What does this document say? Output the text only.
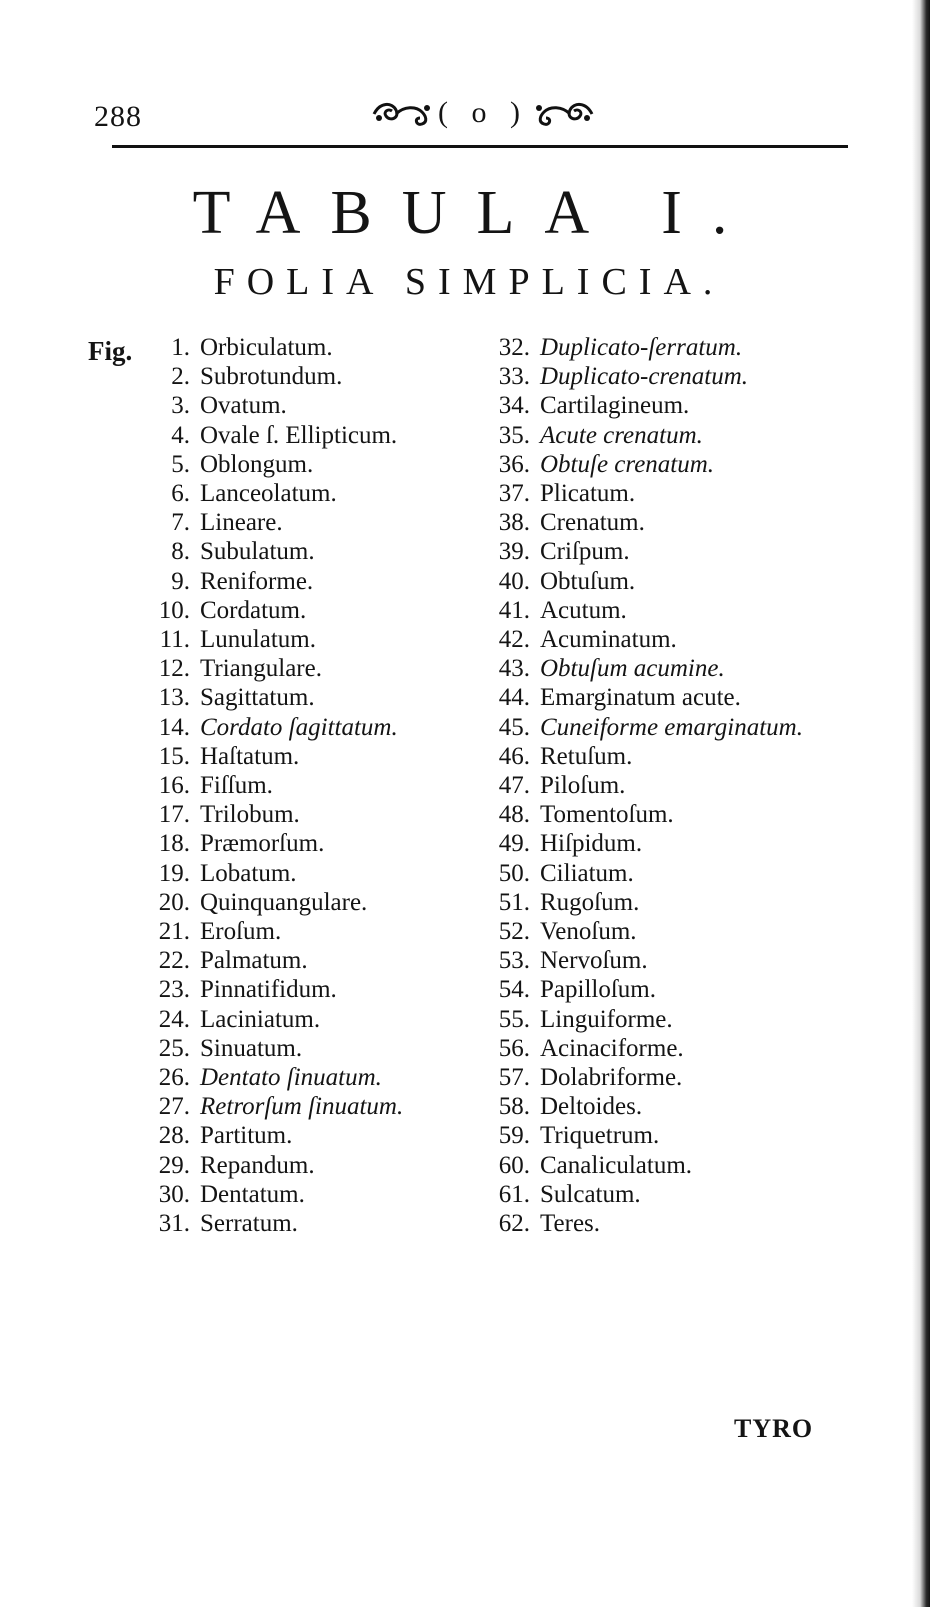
288	( o )
TABULA I.
FOLIA SIMPLICIA.
Fig.	1. Orbiculatum.
2. Subrotundum.
3. Ovatum.
4. Ovale ſ. Ellipticum.
5. Oblongum.
6. Lanceolatum.
7. Lineare.
8. Subulatum.
9. Reniforme.
10. Cordatum.
11. Lunulatum.
12. Triangulare.
13. Sagittatum.
14. Cordato ſagittatum.
15. Haſtatum.
16. Fiſſum.
17. Trilobum.
18. Præmorſum.
19. Lobatum.
20. Quinquangulare.
21. Eroſum.
22. Palmatum.
23. Pinnatifidum.
24. Laciniatum.
25. Sinuatum.
26. Dentato ſinuatum.
27. Retrorſum ſinuatum.
28. Partitum.
29. Repandum.
30. Dentatum.
31. Serratum.
32. Duplicato-ſerratum.
33. Duplicato-crenatum.
34. Cartilagineum.
35. Acute crenatum.
36. Obtuſe crenatum.
37. Plicatum.
38. Crenatum.
39. Criſpum.
40. Obtuſum.
41. Acutum.
42. Acuminatum.
43. Obtuſum acumine.
44. Emarginatum acute.
45. Cuneiforme emarginatum.
46. Retuſum.
47. Piloſum.
48. Tomentoſum.
49. Hiſpidum.
50. Ciliatum.
51. Rugoſum.
52. Venoſum.
53. Nervoſum.
54. Papilloſum.
55. Linguiforme.
56. Acinaciforme.
57. Dolabriforme.
58. Deltoides.
59. Triquetrum.
60. Canaliculatum.
61. Sulcatum.
62. Teres.
TYRO
